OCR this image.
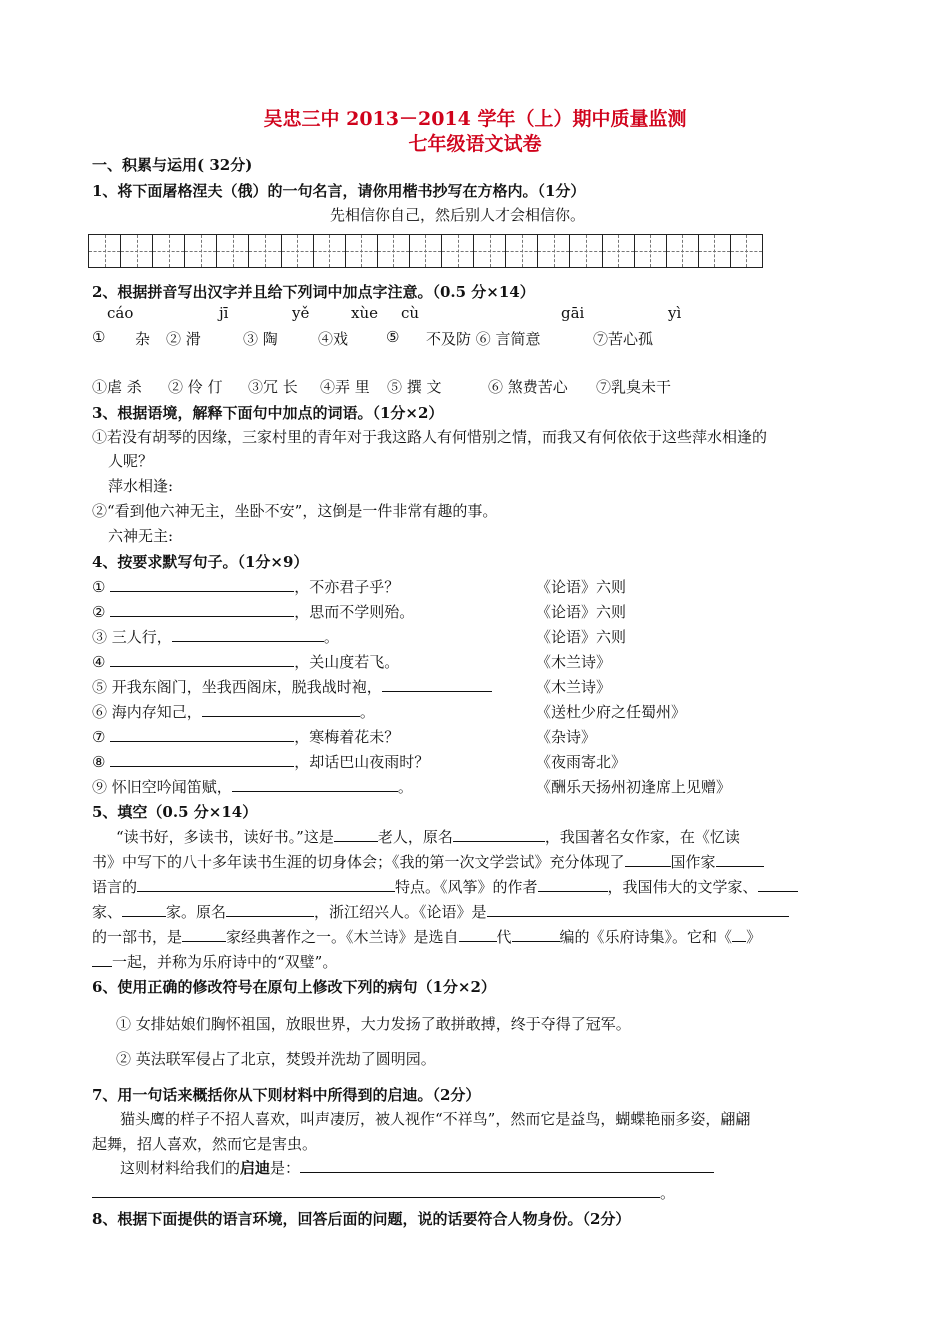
吴忠三中 2013－2014 学年（上）期中质量监测
七年级语文试卷
一、积累与运用( 32分)
1、将下面屠格涅夫（俄）的一句名言，请你用楷书抄写在方格内。（1分）
先相信你自己，然后别人才会相信你。
2、根据拼音写出汉字并且给下列词中加点字注意。（0.5 分×14）
cáo	jī	yě	xùe cù	gāi	yì
① 杂 ② 滑	③ 陶	④戏	⑤ 不及防 ⑥ 言简意	⑦苦心孤
①虐 杀 ② 伶 仃 ③冗 长 ④弄 里 ⑤ 撰 文	⑥ 煞费苦心 ⑦乳臭未干
3、根据语境，解释下面句中加点的词语。（1分×2）
①若没有胡琴的因缘，三家村里的青年对于我这路人有何惜别之情，而我又有何依依于这些萍水相逢的
人呢？
萍水相逢:
②“看到他六神无主，坐卧不安”，这倒是一件非常有趣的事。
六神无主:
4、按要求默写句子。（1分×9）
①	，不亦君子乎？	《论语》六则
②	，思而不学则殆。	《论语》六则
③ 三人行，	。	《论语》六则
④	，关山度若飞。	《木兰诗》
⑤ 开我东阁门，坐我西阁床，脱我战时袍，	《木兰诗》
⑥ 海内存知己，	。	《送杜少府之任蜀州》
⑦	，寒梅着花未？	《杂诗》
⑧	，却话巴山夜雨时？	《夜雨寄北》
⑨ 怀旧空吟闻笛赋，	。	《酬乐天扬州初逢席上见赠》
5、填空（0.5 分×14）
“读书好，多读书，读好书。”这是	老人，原名	，我国著名女作家，在《忆读
书》中写下的八十多年读书生涯的切身体会；《我的第一次文学尝试》充分体现了	国作家
语言的	特点。《风筝》的作者	，我国伟大的文学家、
家、	家。原名	，浙江绍兴人。《论语》是
的一部书，是	家经典著作之一。《木兰诗》是选自	代	编的《乐府诗集》。它和《 》
一起，并称为乐府诗中的“双璧”。
6、使用正确的修改符号在原句上修改下列的病句（1分×2）
① 女排姑娘们胸怀祖国，放眼世界，大力发扬了敢拼敢搏，终于夺得了冠军。
② 英法联军侵占了北京，焚毁并洗劫了圆明园。
7、用一句话来概括你从下则材料中所得到的启迪。（2分）
猫头鹰的样子不招人喜欢，叫声凄厉，被人视作“不祥鸟”，然而它是益鸟，蝴蝶艳丽多姿，翩翩
起舞，招人喜欢，然而它是害虫。
这则材料给我们的启迪是：
。
8、根据下面提供的语言环境，回答后面的问题，说的话要符合人物身份。（2分）
